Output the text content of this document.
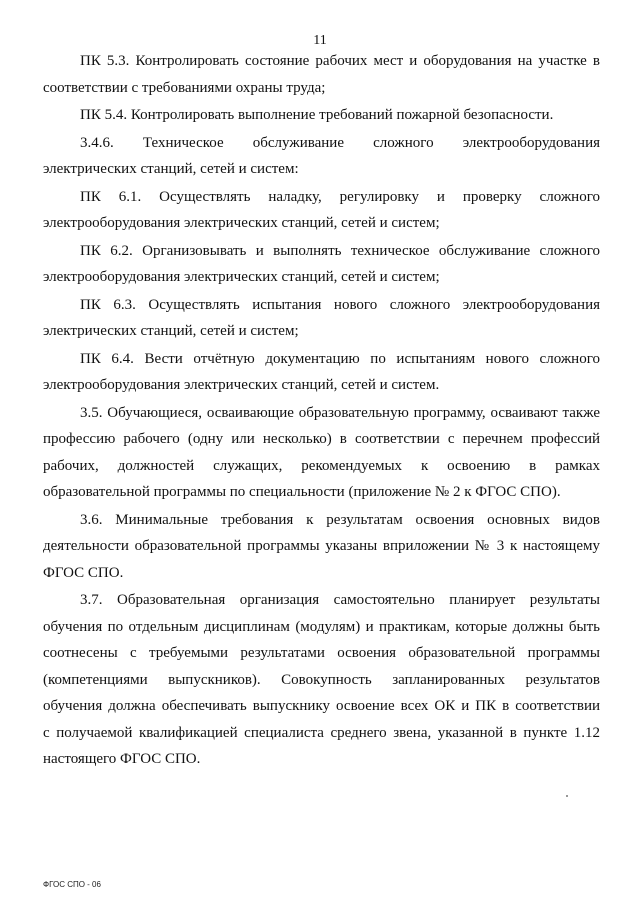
11
ПК 5.3. Контролировать состояние рабочих мест и оборудования на участке в
соответствии с требованиями охраны труда;
ПК 5.4. Контролировать выполнение требований пожарной безопасности.
3.4.6. Техническое обслуживание сложного электрооборудования
электрических станций, сетей и систем:
ПК 6.1. Осуществлять наладку, регулировку и проверку сложного
электрооборудования электрических станций, сетей и систем;
ПК 6.2. Организовывать и выполнять техническое обслуживание сложного
электрооборудования электрических станций, сетей и систем;
ПК 6.3. Осуществлять испытания нового сложного электрооборудования
электрических станций, сетей и систем;
ПК 6.4. Вести отчётную документацию по испытаниям нового сложного
электрооборудования электрических станций, сетей и систем.
3.5. Обучающиеся, осваивающие образовательную программу, осваивают также
профессию рабочего (одну или несколько) в соответствии с перечнем профессий
рабочих, должностей служащих, рекомендуемых к освоению в рамках
образовательной программы по специальности (приложение № 2 к ФГОС СПО).
3.6. Минимальные требования к результатам освоения основных видов
деятельности образовательной программы указаны вприложении № 3 к настоящему
ФГОС СПО.
3.7. Образовательная организация самостоятельно планирует результаты
обучения по отдельным дисциплинам (модулям) и практикам, которые должны быть
соотнесены с требуемыми результатами освоения образовательной программы
(компетенциями выпускников). Совокупность запланированных результатов
обучения должна обеспечивать выпускнику освоение всех ОК и ПК в соответствии
с получаемой квалификацией специалиста среднего звена, указанной в пункте 1.12
настоящего ФГОС СПО.
ФГОС СПО - 06
